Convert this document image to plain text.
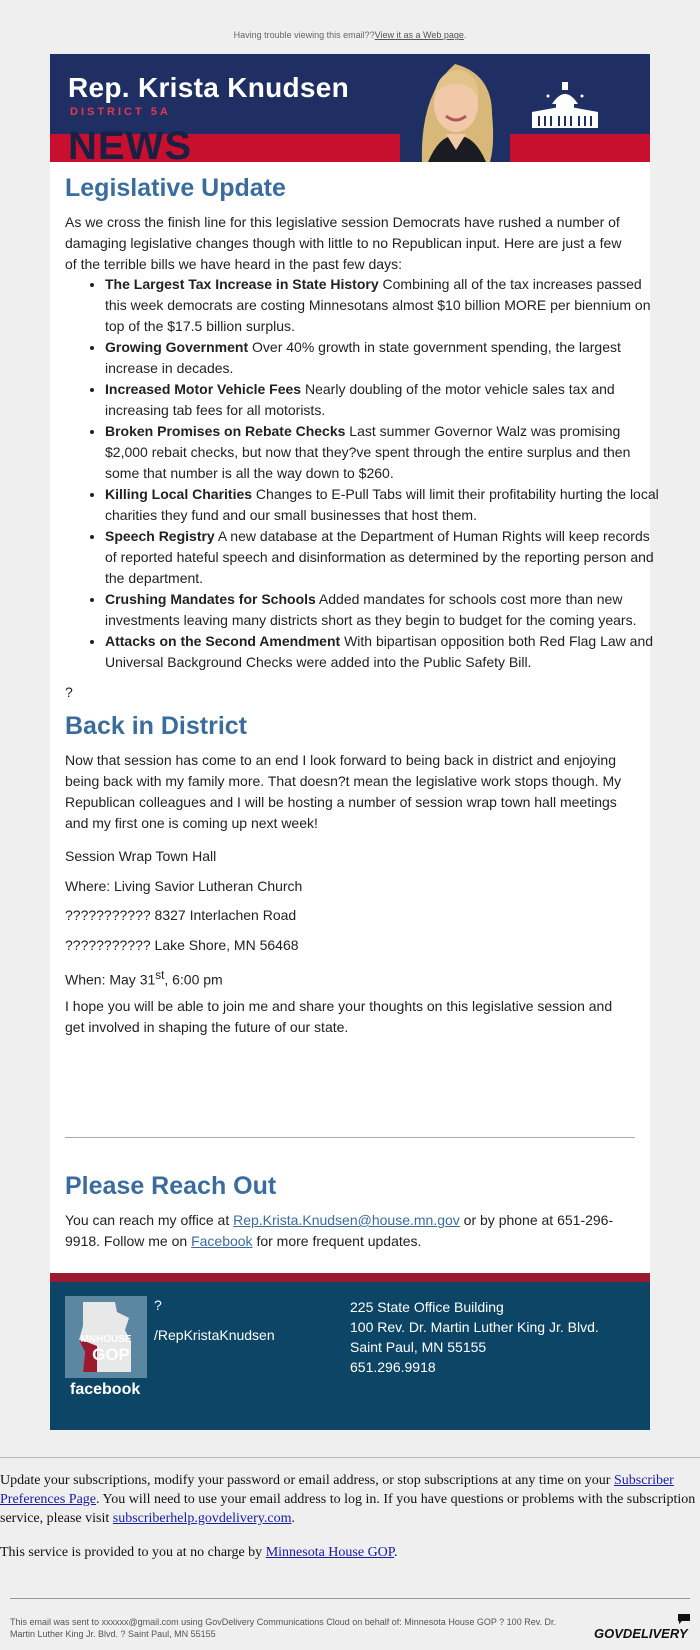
Having trouble viewing this email??View it as a Web page.
Rep. Krista Knudsen
DISTRICT 5A
NEWS
Legislative Update

As we cross the finish line for this legislative session Democrats have rushed a number of damaging legislative changes though with little to no Republican input. Here are just a few of the terrible bills we have heard in the past few days:

• The Largest Tax Increase in State History Combining all of the tax increases passed this week democrats are costing Minnesotans almost $10 billion MORE per biennium on top of the $17.5 billion surplus.
• Growing Government Over 40% growth in state government spending, the largest increase in decades.
• Increased Motor Vehicle Fees Nearly doubling of the motor vehicle sales tax and increasing tab fees for all motorists.
• Broken Promises on Rebate Checks Last summer Governor Walz was promising $2,000 rebait checks, but now that they?ve spent through the entire surplus and then some that number is all the way down to $260.
• Killing Local Charities Changes to E-Pull Tabs will limit their profitability hurting the local charities they fund and our small businesses that host them.
• Speech Registry A new database at the Department of Human Rights will keep records of reported hateful speech and disinformation as determined by the reporting person and the department.
• Crushing Mandates for Schools Added mandates for schools cost more than new investments leaving many districts short as they begin to budget for the coming years.
• Attacks on the Second Amendment With bipartisan opposition both Red Flag Law and Universal Background Checks were added into the Public Safety Bill.

?

Back in District

Now that session has come to an end I look forward to being back in district and enjoying being back with my family more. That doesn?t mean the legislative work stops though. My Republican colleagues and I will be hosting a number of session wrap town hall meetings and my first one is coming up next week!

Session Wrap Town Hall

Where: Living Savior Lutheran Church

??????????? 8327 Interlachen Road

??????????? Lake Shore, MN 56468

When: May 31st, 6:00 pm

I hope you will be able to join me and share your thoughts on this legislative session and get involved in shaping the future of our state.

Please Reach Out

You can reach my office at Rep.Krista.Knudsen@house.mn.gov or by phone at 651-296-9918. Follow me on Facebook for more frequent updates.

MNHOUSE
GOP
facebook
?
/RepKristaKnudsen
225 State Office Building
100 Rev. Dr. Martin Luther King Jr. Blvd.
Saint Paul, MN 55155
651.296.9918

Update your subscriptions, modify your password or email address, or stop subscriptions at any time on your Subscriber Preferences Page. You will need to use your email address to log in. If you have questions or problems with the subscription service, please visit subscriberhelp.govdelivery.com.

This service is provided to you at no charge by Minnesota House GOP.

This email was sent to xxxxxx@gmail.com using GovDelivery Communications Cloud on behalf of: Minnesota House GOP ? 100 Rev. Dr. Martin Luther King Jr. Blvd. ? Saint Paul, MN 55155	GOVDELIVERY
